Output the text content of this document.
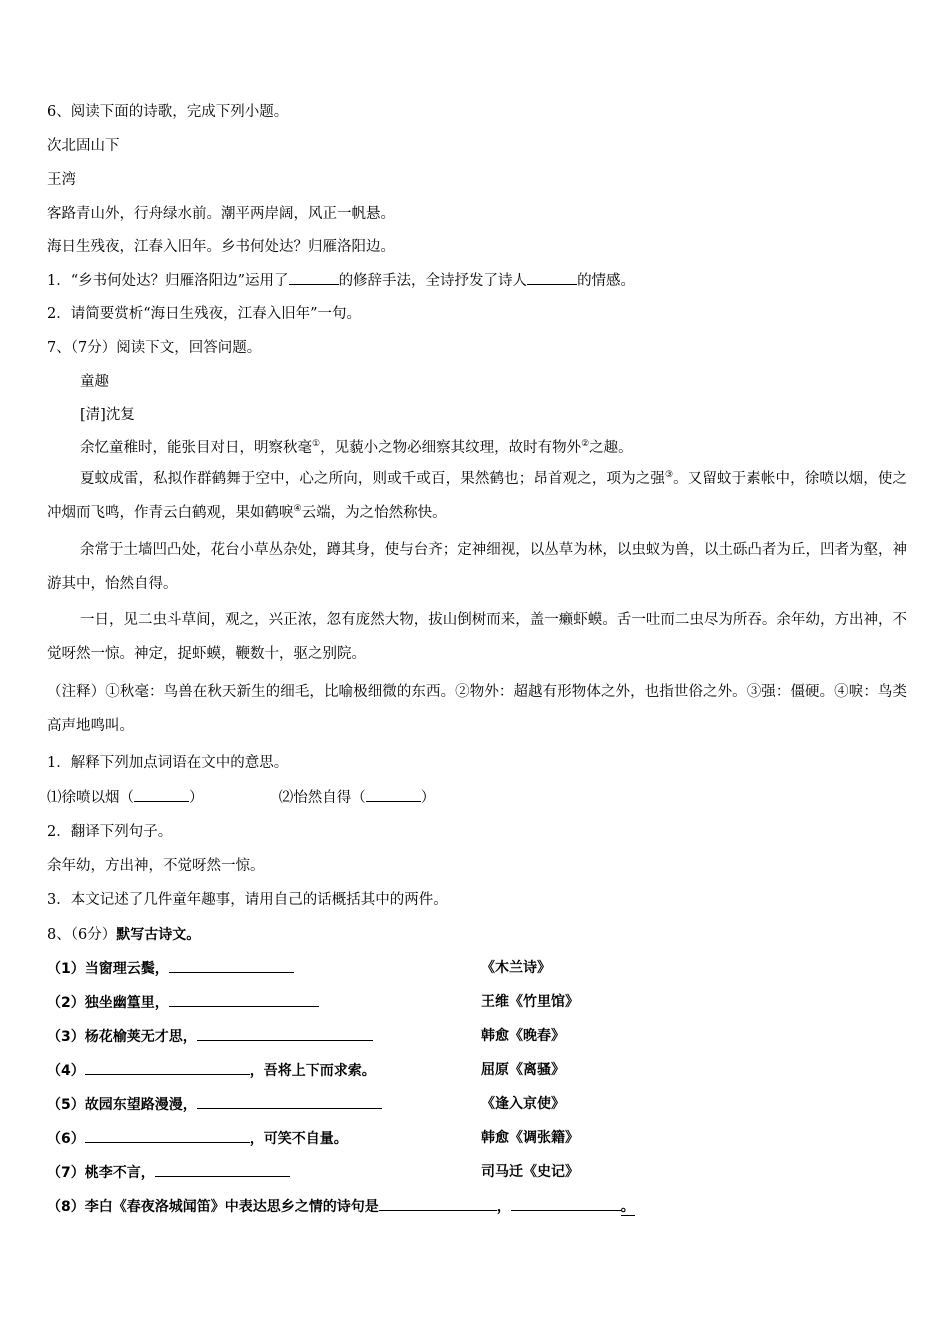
6、阅读下面的诗歌，完成下列小题。
次北固山下
王湾
客路青山外，行舟绿水前。潮平两岸阔，风正一帆悬。
海日生残夜，江春入旧年。乡书何处达？归雁洛阳边。
1．“乡书何处达？归雁洛阳边”运用了	的修辞手法，全诗抒发了诗人	的情感。
2．请简要赏析“海日生残夜，江春入旧年”一句。
7、（7分）阅读下文，回答问题。
童趣
[清]沈复
余忆童稚时，能张目对日，明察秋毫①，见藐小之物必细察其纹理，故时有物外②之趣。

夏蚊成雷，私拟作群鹤舞于空中，心之所向，则或千或百，果然鹤也；昂首观之，项为之强③。又留蚊于素帐中，徐喷以烟，使之冲烟而飞鸣，作青云白鹤观，果如鹤唳④云端，为之怡然称快。

余常于土墙凹凸处，花台小草丛杂处，蹲其身，使与台齐；定神细视，以丛草为林，以虫蚁为兽，以土砾凸者为丘，凹者为壑，神游其中，怡然自得。

一日，见二虫斗草间，观之，兴正浓，忽有庞然大物，拔山倒树而来，盖一癞虾蟆。舌一吐而二虫尽为所吞。余年幼，方出神，不觉呀然一惊。神定，捉虾蟆，鞭数十，驱之别院。

（注释）①秋毫：鸟兽在秋天新生的细毛，比喻极细微的东西。②物外：超越有形物体之外，也指世俗之外。③强：僵硬。④唳：鸟类高声地鸣叫。

1．解释下列加点词语在文中的意思。
⑴徐喷以烟（	）	⑵怡然自得（	）
2．翻译下列句子。
余年幼，方出神，不觉呀然一惊。
3．本文记述了几件童年趣事，请用自己的话概括其中的两件。
8、（6分）默写古诗文。
（1）当窗理云鬓，	《木兰诗》
（2）独坐幽篁里，	王维《竹里馆》
（3）杨花榆荚无才思，	韩愈《晚春》
（4）	，吾将上下而求索。	屈原《离骚》
（5）故园东望路漫漫，	《逢入京使》
（6）	，可笑不自量。	韩愈《调张籍》
（7）桃李不言，	司马迁《史记》
（8）李白《春夜洛城闻笛》中表达思乡之情的诗句是	，	。
